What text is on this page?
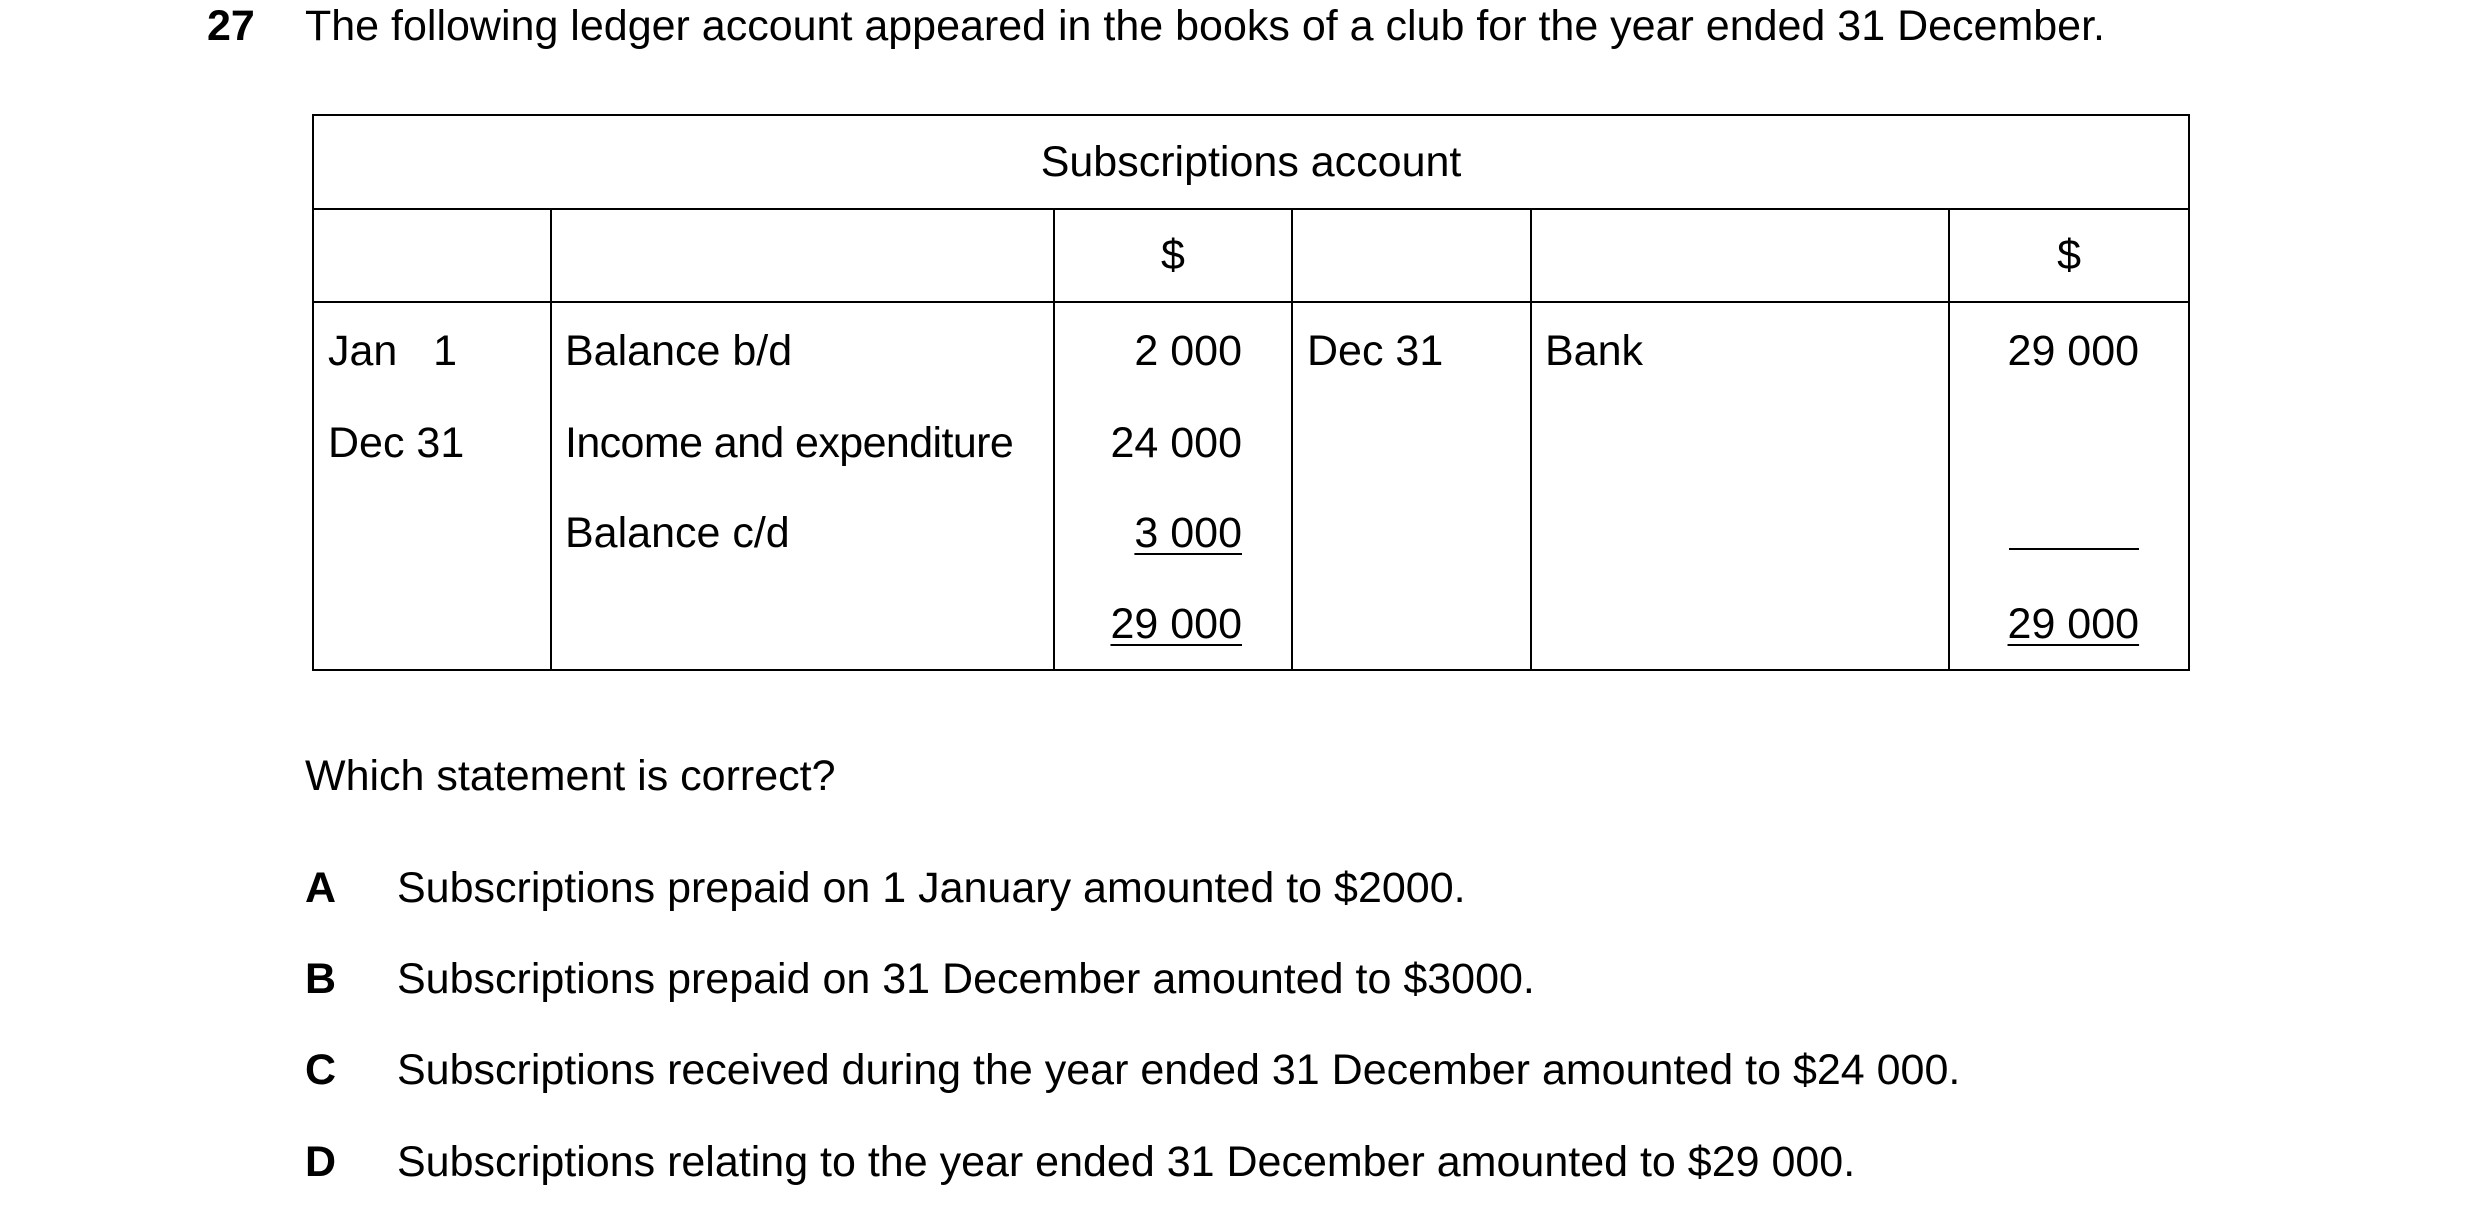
27 The following ledger account appeared in the books of a club for the year ended 31 December.
Subscriptions account					
		$			$
Jan   1	Balance b/d	2 000	Dec 31	Bank	29 000
Dec 31	Income and expenditure	24 000			
	Balance c/d	3 000			
		29 000			29 000
Which statement is correct?
A Subscriptions prepaid on 1 January amounted to $2000.
B Subscriptions prepaid on 31 December amounted to $3000.
C Subscriptions received during the year ended 31 December amounted to $24 000.
D Subscriptions relating to the year ended 31 December amounted to $29 000.
